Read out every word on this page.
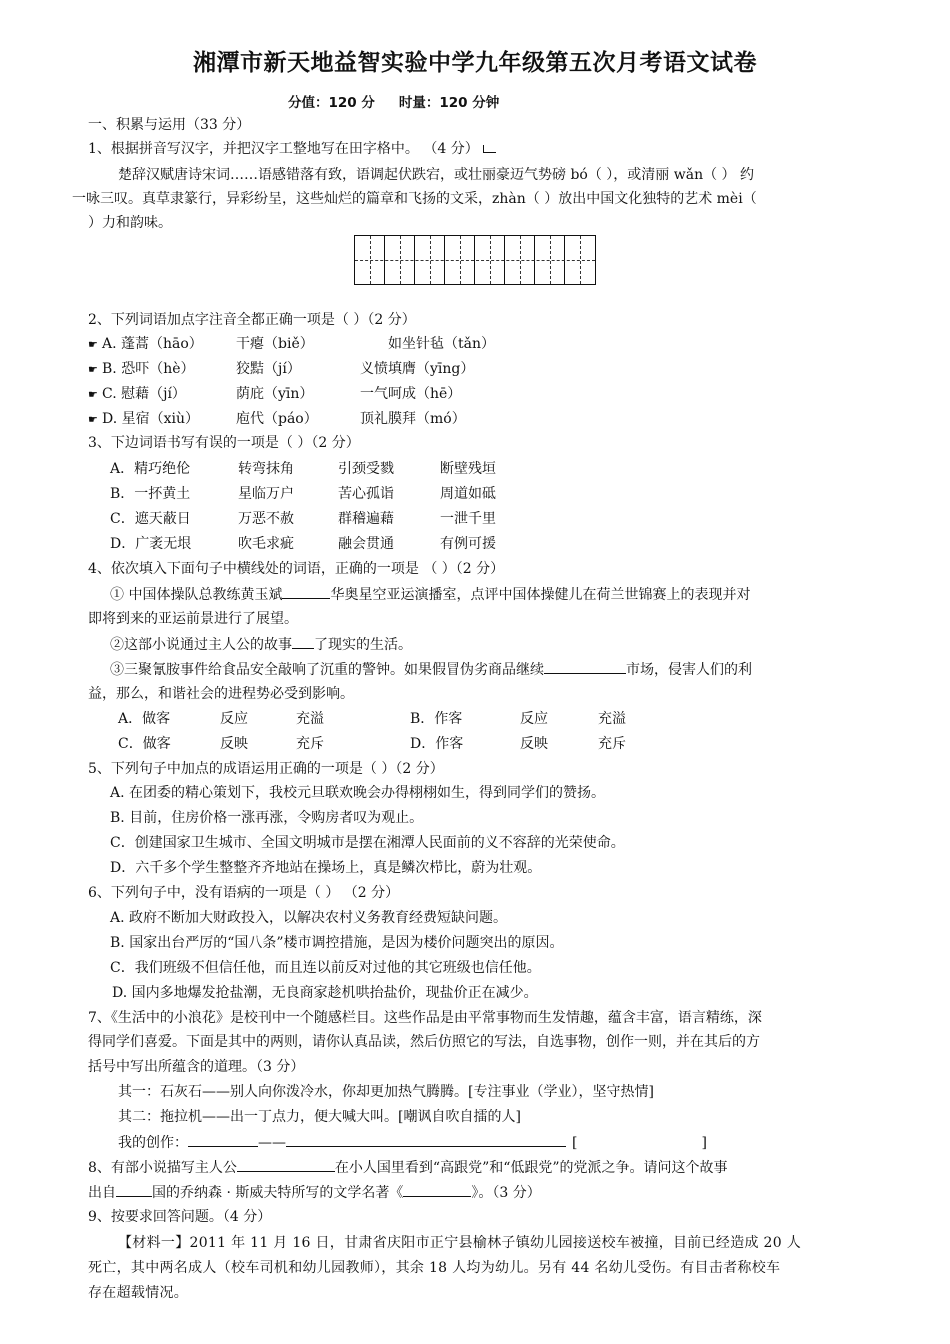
湘潭市新天地益智实验中学九年级第五次月考语文试卷
分值：120 分 时量：120 分钟
一、积累与运用（33 分）
1、根据拼音写汉字，并把汉字工整地写在田字格中。 （4 分）
楚辞汉赋唐诗宋词……语感错落有致，语调起伏跌宕，或壮丽豪迈气势磅 bó（ ），或清丽 wǎn（ ） 约
一咏三叹。真草隶篆行，异彩纷呈，这些灿烂的篇章和飞扬的文采，zhàn（ ）放出中国文化独特的艺术 mèi（
）力和韵味。
2、下列词语加点字注音全都正确一项是（ ）（2 分）
☛ A. 蓬蒿（hāo） 干瘪（biě）	如坐针毡（tǎn）
☛ B. 恐吓（hè）	狡黠（jí）	义愤填膺（yīng）
☛ C. 慰藉（jí）	荫庇（yīn）	一气呵成（hē）
☛ D. 星宿（xiù）	庖代（páo）	顶礼膜拜（mó）
3、下边词语书写有误的一项是（ ）（2 分）
A．精巧绝伦	转弯抹角	引颈受戮	断壁残垣
B．一抔黄土	星临万户	苦心孤诣	周道如砥
C．遮天蔽日	万恶不赦	群稽遍藉	一泄千里
D．广袤无垠	吹毛求疵	融会贯通	有例可援
4、依次填入下面句子中横线处的词语，正确的一项是 （ ）（2 分）
① 中国体操队总教练黄玉斌	华奥星空亚运演播室，点评中国体操健儿在荷兰世锦赛上的表现并对
即将到来的亚运前景进行了展望。
②这部小说通过主人公的故事 了现实的生活。
③三聚氰胺事件给食品安全敲响了沉重的警钟。如果假冒伪劣商品继续	市场，侵害人们的利
益，那么，和谐社会的进程势必受到影响。
A．做客	反应	充溢	B．作客	反应	充溢
C．做客	反映	充斥	D．作客	反映	充斥
5、下列句子中加点的成语运用正确的一项是（ ）（2 分）
A. 在团委的精心策划下，我校元旦联欢晚会办得栩栩如生，得到同学们的赞扬。
B. 目前，住房价格一涨再涨，令购房者叹为观止。
C．创建国家卫生城市、全国文明城市是摆在湘潭人民面前的义不容辞的光荣使命。
D．六千多个学生整整齐齐地站在操场上，真是鳞次栉比，蔚为壮观。
6、下列句子中，没有语病的一项是（ ） （2 分）
A. 政府不断加大财政投入，以解决农村义务教育经费短缺问题。
B. 国家出台严厉的“国八条”楼市调控措施，是因为楼价问题突出的原因。
C．我们班级不但信任他，而且连以前反对过他的其它班级也信任他。
D. 国内多地爆发抢盐潮，无良商家趁机哄抬盐价，现盐价正在减少。
7、《生活中的小浪花》是校刊中一个随感栏目。这些作品是由平常事物而生发情趣，蕴含丰富，语言精练，深
得同学们喜爱。下面是其中的两则，请你认真品读，然后仿照它的写法，自选事物，创作一则，并在其后的方
括号中写出所蕴含的道理。（3 分）
其一：石灰石——别人向你泼冷水，你却更加热气腾腾。[专注事业（学业），坚守热情]
其二：拖拉机——出一丁点力，便大喊大叫。[嘲讽自吹自擂的人]
我的创作：	——	[	]
8、有部小说描写主人公	在小人国里看到“高跟党”和“低跟党”的党派之争。请问这个故事
出自	国的乔纳森 · 斯威夫特所写的文学名著《	》。（3 分）
9、按要求回答问题。（4 分）
【材料一】2011 年 11 月 16 日，甘肃省庆阳市正宁县榆林子镇幼儿园接送校车被撞，目前已经造成 20 人
死亡，其中两名成人（校车司机和幼儿园教师），其余 18 人均为幼儿。另有 44 名幼儿受伤。有目击者称校车
存在超载情况。
